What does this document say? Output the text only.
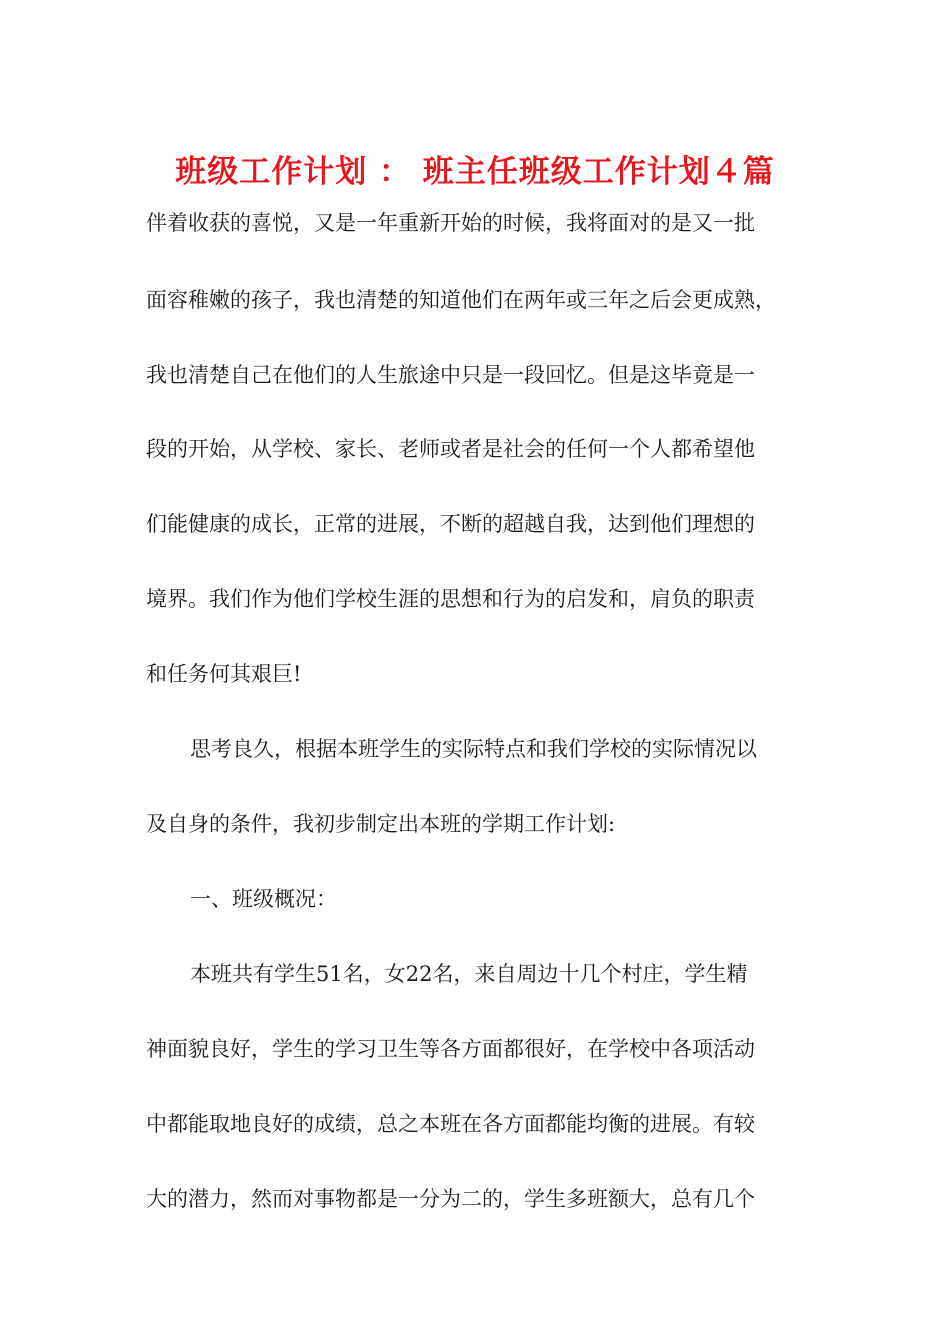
班级工作计划 ： 班主任班级工作计划４篇
伴着收获的喜悦，又是一年重新开始的时候，我将面对的是又一批
面容稚嫩的孩子，我也清楚的知道他们在两年或三年之后会更成熟，
我也清楚自己在他们的人生旅途中只是一段回忆。但是这毕竟是一
段的开始，从学校、家长、老师或者是社会的任何一个人都希望他
们能健康的成长，正常的进展，不断的超越自我，达到他们理想的
境界。我们作为他们学校生涯的思想和行为的启发和，肩负的职责
和任务何其艰巨!
思考良久，根据本班学生的实际特点和我们学校的实际情况以
及自身的条件，我初步制定出本班的学期工作计划:
一、班级概况：
本班共有学生51名，女22名，来自周边十几个村庄，学生精
神面貌良好，学生的学习卫生等各方面都很好，在学校中各项活动
中都能取地良好的成绩，总之本班在各方面都能均衡的进展。有较
大的潜力，然而对事物都是一分为二的，学生多班额大，总有几个
